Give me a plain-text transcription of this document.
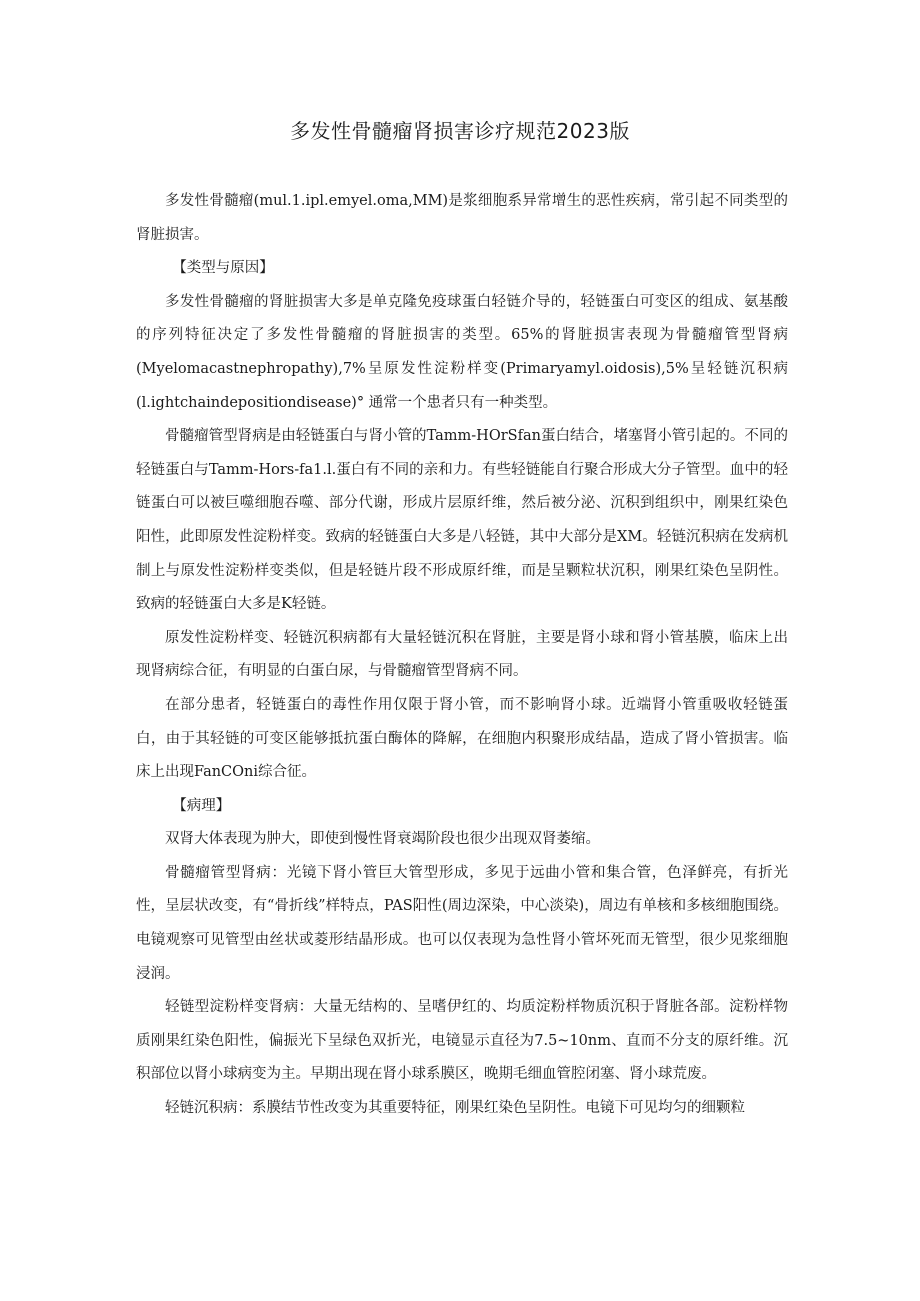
多发性骨髓瘤肾损害诊疗规范2023版

多发性骨髓瘤(mul.1.ipl.emyel.oma,MM)是浆细胞系异常增生的恶性疾病，常引起不同类型的肾脏损害。

【类型与原因】

多发性骨髓瘤的肾脏损害大多是单克隆免疫球蛋白轻链介导的，轻链蛋白可变区的组成、氨基酸的序列特征决定了多发性骨髓瘤的肾脏损害的类型。65%的肾脏损害表现为骨髓瘤管型肾病(Myelomacastnephropathy),7%呈原发性淀粉样变(Primaryamyl.oidosis),5%呈轻链沉积病(l.ightchaindepositiondisease)° 通常一个患者只有一种类型。

骨髓瘤管型肾病是由轻链蛋白与肾小管的Tamm-HOrSfan蛋白结合，堵塞肾小管引起的。不同的轻链蛋白与Tamm-Hors-fa1.l.蛋白有不同的亲和力。有些轻链能自行聚合形成大分子管型。血中的轻链蛋白可以被巨噬细胞吞噬、部分代谢，形成片层原纤维，然后被分泌、沉积到组织中，刚果红染色阳性，此即原发性淀粉样变。致病的轻链蛋白大多是八轻链，其中大部分是XM。轻链沉积病在发病机制上与原发性淀粉样变类似，但是轻链片段不形成原纤维，而是呈颗粒状沉积，刚果红染色呈阴性。致病的轻链蛋白大多是K轻链。

原发性淀粉样变、轻链沉积病都有大量轻链沉积在肾脏，主要是肾小球和肾小管基膜，临床上出现肾病综合征，有明显的白蛋白尿，与骨髓瘤管型肾病不同。

在部分患者，轻链蛋白的毒性作用仅限于肾小管，而不影响肾小球。近端肾小管重吸收轻链蛋白，由于其轻链的可变区能够抵抗蛋白酶体的降解，在细胞内积聚形成结晶，造成了肾小管损害。临床上出现FanCOni综合征。

【病理】

双肾大体表现为肿大，即使到慢性肾衰竭阶段也很少出现双肾萎缩。

骨髓瘤管型肾病：光镜下肾小管巨大管型形成，多见于远曲小管和集合管，色泽鲜亮，有折光性，呈层状改变，有“骨折线”样特点，PAS阳性(周边深染，中心淡染)，周边有单核和多核细胞围绕。电镜观察可见管型由丝状或菱形结晶形成。也可以仅表现为急性肾小管坏死而无管型，很少见浆细胞浸润。

轻链型淀粉样变肾病：大量无结构的、呈嗜伊红的、均质淀粉样物质沉积于肾脏各部。淀粉样物质刚果红染色阳性，偏振光下呈绿色双折光，电镜显示直径为7.5~10nm、直而不分支的原纤维。沉积部位以肾小球病变为主。早期出现在肾小球系膜区，晚期毛细血管腔闭塞、肾小球荒废。

轻链沉积病：系膜结节性改变为其重要特征，刚果红染色呈阴性。电镜下可见均匀的细颗粒
